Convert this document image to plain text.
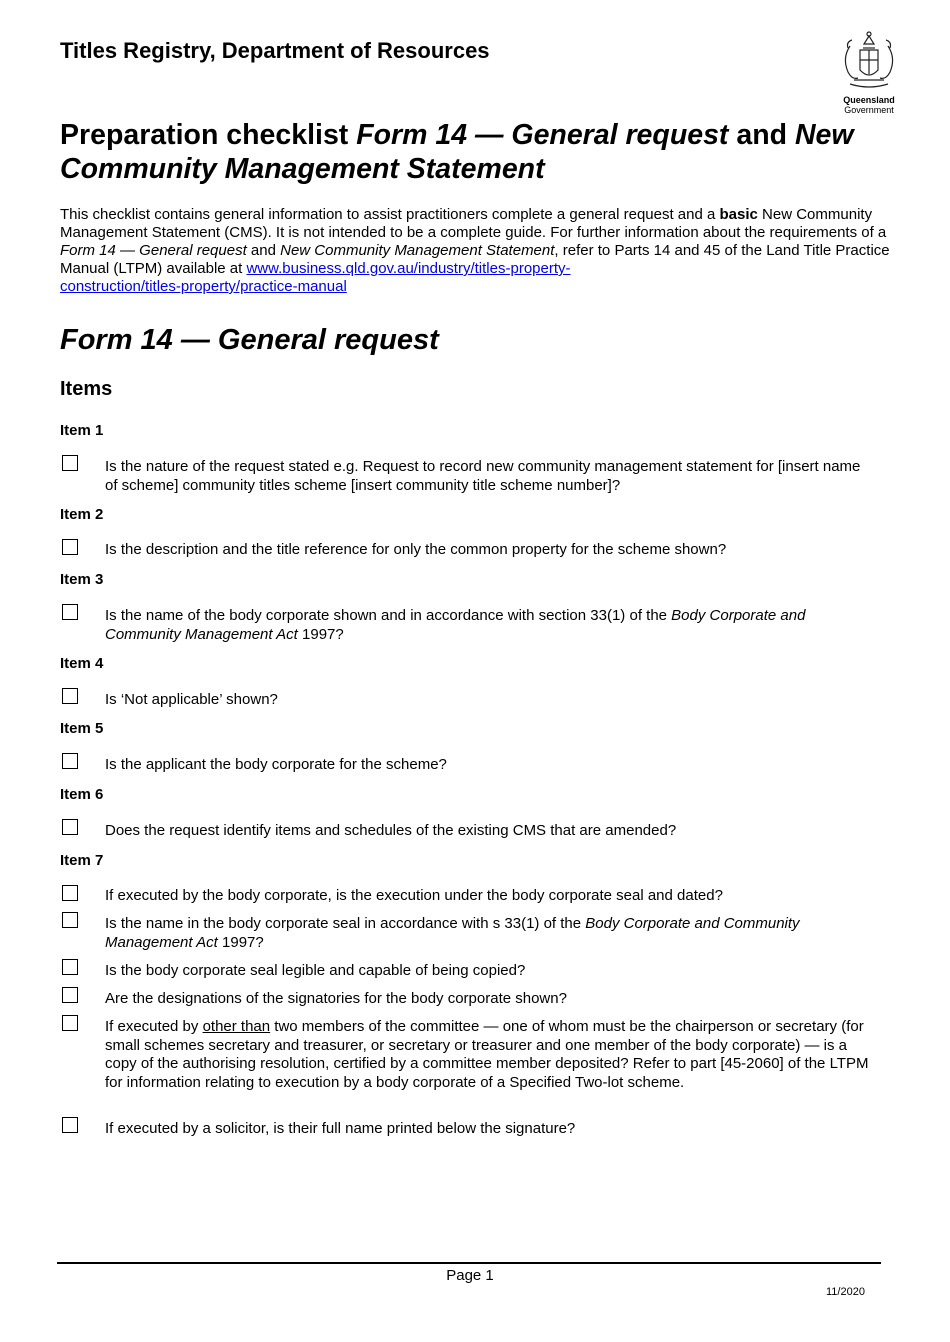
Titles Registry, Department of Resources
Queensland
Government
Preparation checklist Form 14 — General request and New Community Management Statement
This checklist contains general information to assist practitioners complete a general request and a basic New Community Management Statement (CMS). It is not intended to be a complete guide. For further information about the requirements of a Form 14 — General request and New Community Management Statement, refer to Parts 14 and 45 of the Land Title Practice Manual (LTPM) available at www.business.qld.gov.au/industry/titles-property-
construction/titles-property/practice-manual
Form 14 — General request
Items
Item 1
Is the nature of the request stated e.g. Request to record new community management statement for [insert name of scheme] community titles scheme [insert community title scheme number]?
Item 2
Is the description and the title reference for only the common property for the scheme shown?
Item 3
Is the name of the body corporate shown and in accordance with section 33(1) of the Body Corporate and Community Management Act 1997?
Item 4
Is ‘Not applicable’ shown?
Item 5
Is the applicant the body corporate for the scheme?
Item 6
Does the request identify items and schedules of the existing CMS that are amended?
Item 7
If executed by the body corporate, is the execution under the body corporate seal and dated?
Is the name in the body corporate seal in accordance with s 33(1) of the Body Corporate and Community Management Act 1997?
Is the body corporate seal legible and capable of being copied?
Are the designations of the signatories for the body corporate shown?
If executed by other than two members of the committee — one of whom must be the chairperson or secretary (for small schemes secretary and treasurer, or secretary or treasurer and one member of the body corporate) — is a copy of the authorising resolution, certified by a committee member deposited? Refer to part [45-2060] of the LTPM for information relating to execution by a body corporate of a Specified Two-lot scheme.
If executed by a solicitor, is their full name printed below the signature?
Page 1
11/2020
